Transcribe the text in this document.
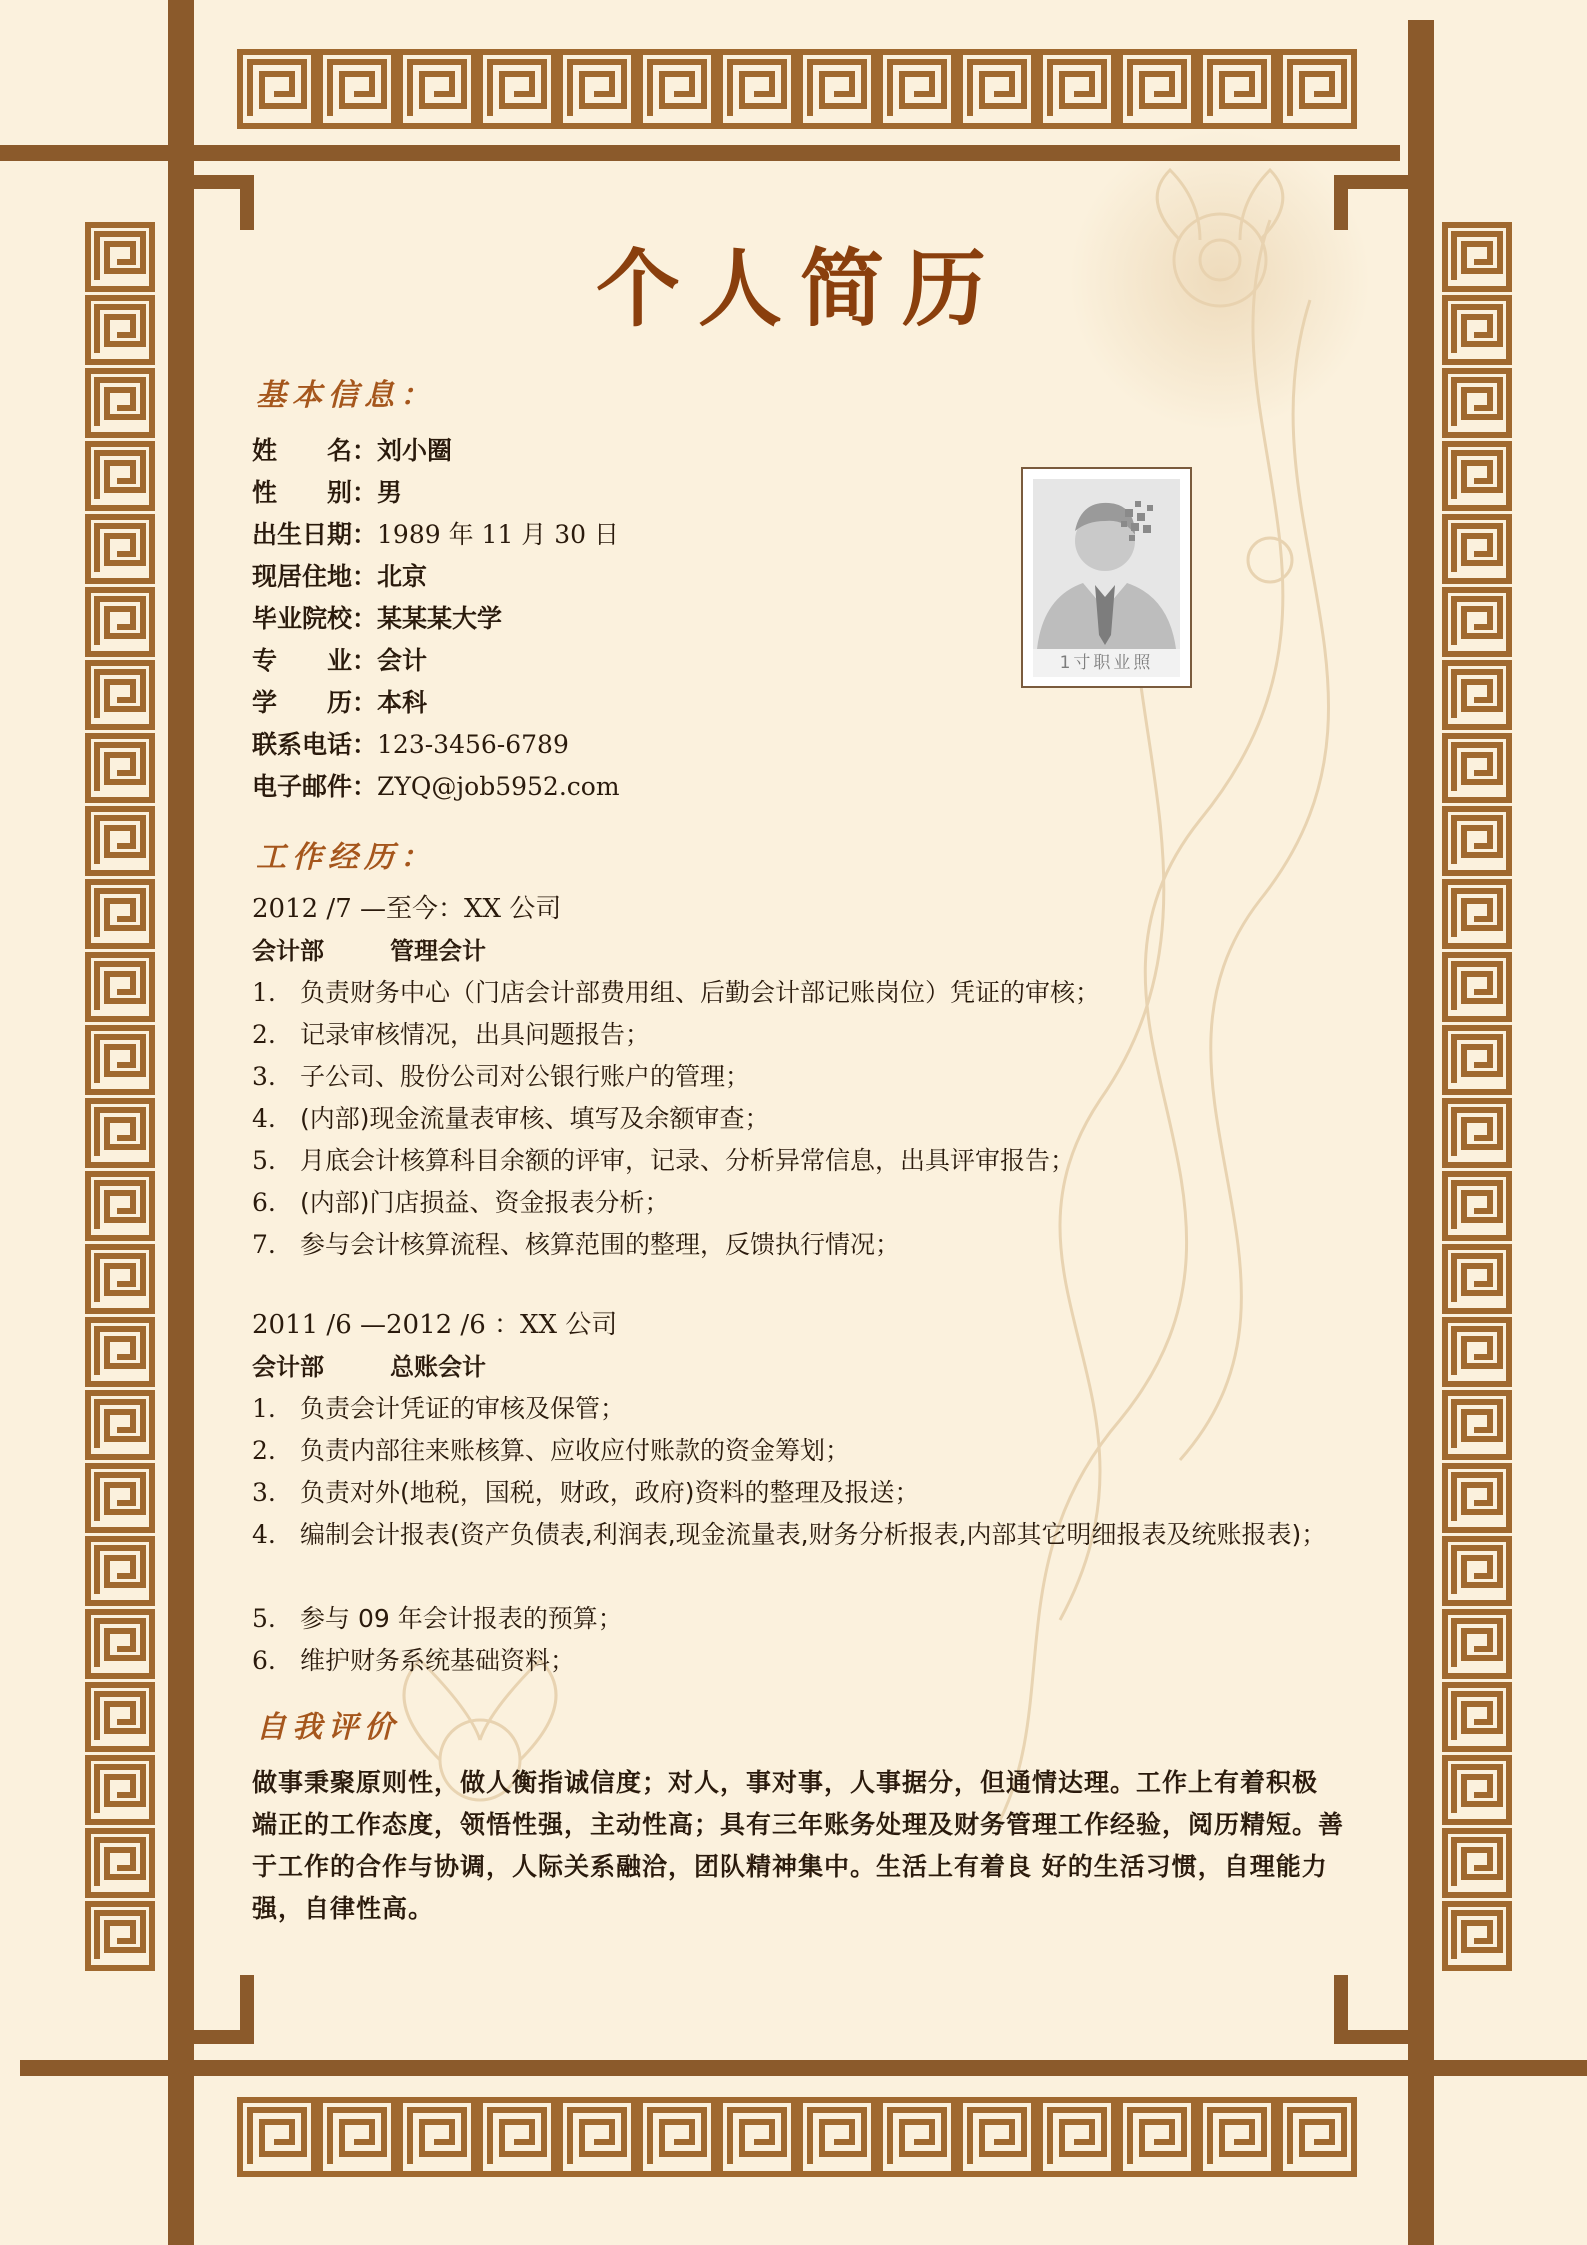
个人简历
基本信息：
姓　　名：刘小圈
性　　别：男
出生日期：1989 年 11 月 30 日
现居住地：北京
毕业院校：某某某大学
专　　业：会计
学　　历：本科
联系电话：123-3456-6789
电子邮件：ZYQ@job5952.com
工作经历：
2012 /7 —至今：XX 公司
会计部	管理会计
1. 负责财务中心（门店会计部费用组、后勤会计部记账岗位）凭证的审核；
2. 记录审核情况，出具问题报告；
3. 子公司、股份公司对公银行账户的管理；
4. (内部)现金流量表审核、填写及余额审查；
5. 月底会计核算科目余额的评审，记录、分析异常信息，出具评审报告；
6. (内部)门店损益、资金报表分析；
7. 参与会计核算流程、核算范围的整理，反馈执行情况；
2011 /6 —2012 /6 ：XX 公司
会计部	总账会计
1. 负责会计凭证的审核及保管；
2. 负责内部往来账核算、应收应付账款的资金筹划；
3. 负责对外(地税，国税，财政，政府)资料的整理及报送；
4. 编制会计报表(资产负债表,利润表,现金流量表,财务分析报表,内部其它明细报表及统账报表)；
5. 参与 09 年会计报表的预算；
6. 维护财务系统基础资料；
自我评价
做事秉聚原则性，做人衡指诚信度；对人，事对事，人事据分，但通情达理。工作上有着积极 端正的工作态度，领悟性强，主动性高；具有三年账务处理及财务管理工作经验，阅历精短。善于工作的合作与协调，人际关系融洽，团队精神集中。生活上有着良 好的生活习惯，自理能力强，自律性高。
1寸职业照
